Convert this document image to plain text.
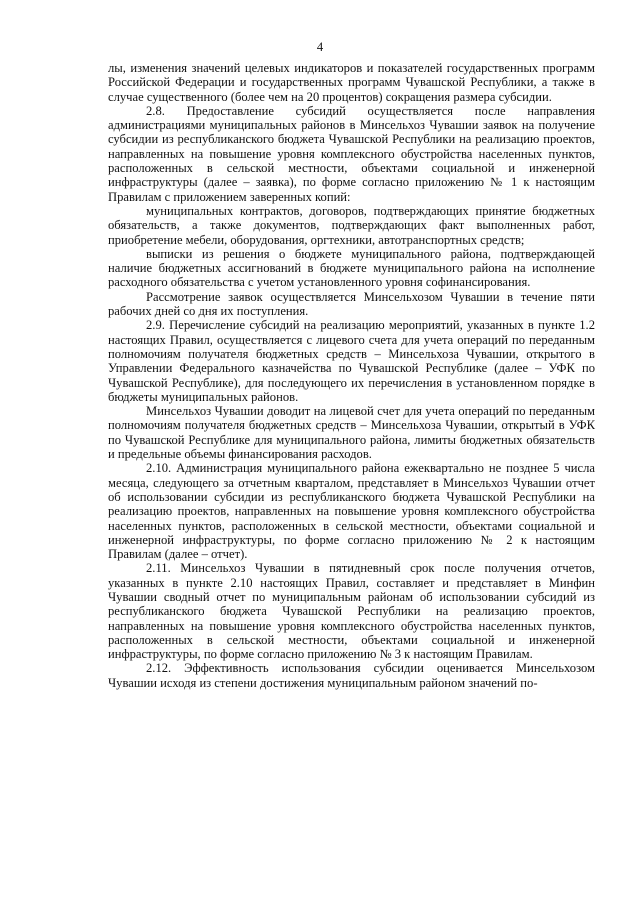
4

лы, изменения значений целевых индикаторов и показателей государственных программ Российской Федерации и государственных программ Чувашской Республики, а также в случае существенного (более чем на 20 процентов) сокращения размера субсидии.

2.8. Предоставление субсидий осуществляется после направления администрациями муниципальных районов в Минсельхоз Чувашии заявок на получение субсидии из республиканского бюджета Чувашской Республики на реализацию проектов, направленных на повышение уровня комплексного обустройства населенных пунктов, расположенных в сельской местности, объектами социальной и инженерной инфраструктуры (далее – заявка), по форме согласно приложению № 1 к настоящим Правилам с приложением заверенных копий:

муниципальных контрактов, договоров, подтверждающих принятие бюджетных обязательств, а также документов, подтверждающих факт выполненных работ, приобретение мебели, оборудования, оргтехники, автотранспортных средств;

выписки из решения о бюджете муниципального района, подтверждающей наличие бюджетных ассигнований в бюджете муниципального района на исполнение расходного обязательства с учетом установленного уровня софинансирования.

Рассмотрение заявок осуществляется Минсельхозом Чувашии в течение пяти рабочих дней со дня их поступления.

2.9. Перечисление субсидий на реализацию мероприятий, указанных в пункте 1.2 настоящих Правил, осуществляется с лицевого счета для учета операций по переданным полномочиям получателя бюджетных средств – Минсельхоза Чувашии, открытого в Управлении Федерального казначейства по Чувашской Республике (далее – УФК по Чувашской Республике), для последующего их перечисления в установленном порядке в бюджеты муниципальных районов.

Минсельхоз Чувашии доводит на лицевой счет для учета операций по переданным полномочиям получателя бюджетных средств – Минсельхоза Чувашии, открытый в УФК по Чувашской Республике для муниципального района, лимиты бюджетных обязательств и предельные объемы финансирования расходов.

2.10. Администрация муниципального района ежеквартально не позднее 5 числа месяца, следующего за отчетным кварталом, представляет в Минсельхоз Чувашии отчет об использовании субсидии из республиканского бюджета Чувашской Республики на реализацию проектов, направленных на повышение уровня комплексного обустройства населенных пунктов, расположенных в сельской местности, объектами социальной и инженерной инфраструктуры, по форме согласно приложению № 2 к настоящим Правилам (далее – отчет).

2.11. Минсельхоз Чувашии в пятидневный срок после получения отчетов, указанных в пункте 2.10 настоящих Правил, составляет и представляет в Минфин Чувашии сводный отчет по муниципальным районам об использовании субсидий из республиканского бюджета Чувашской Республики на реализацию проектов, направленных на повышение уровня комплексного обустройства населенных пунктов, расположенных в сельской местности, объектами социальной и инженерной инфраструктуры, по форме согласно приложению № 3 к настоящим Правилам.

2.12. Эффективность использования субсидии оценивается Минсельхозом Чувашии исходя из степени достижения муниципальным районом значений по-
